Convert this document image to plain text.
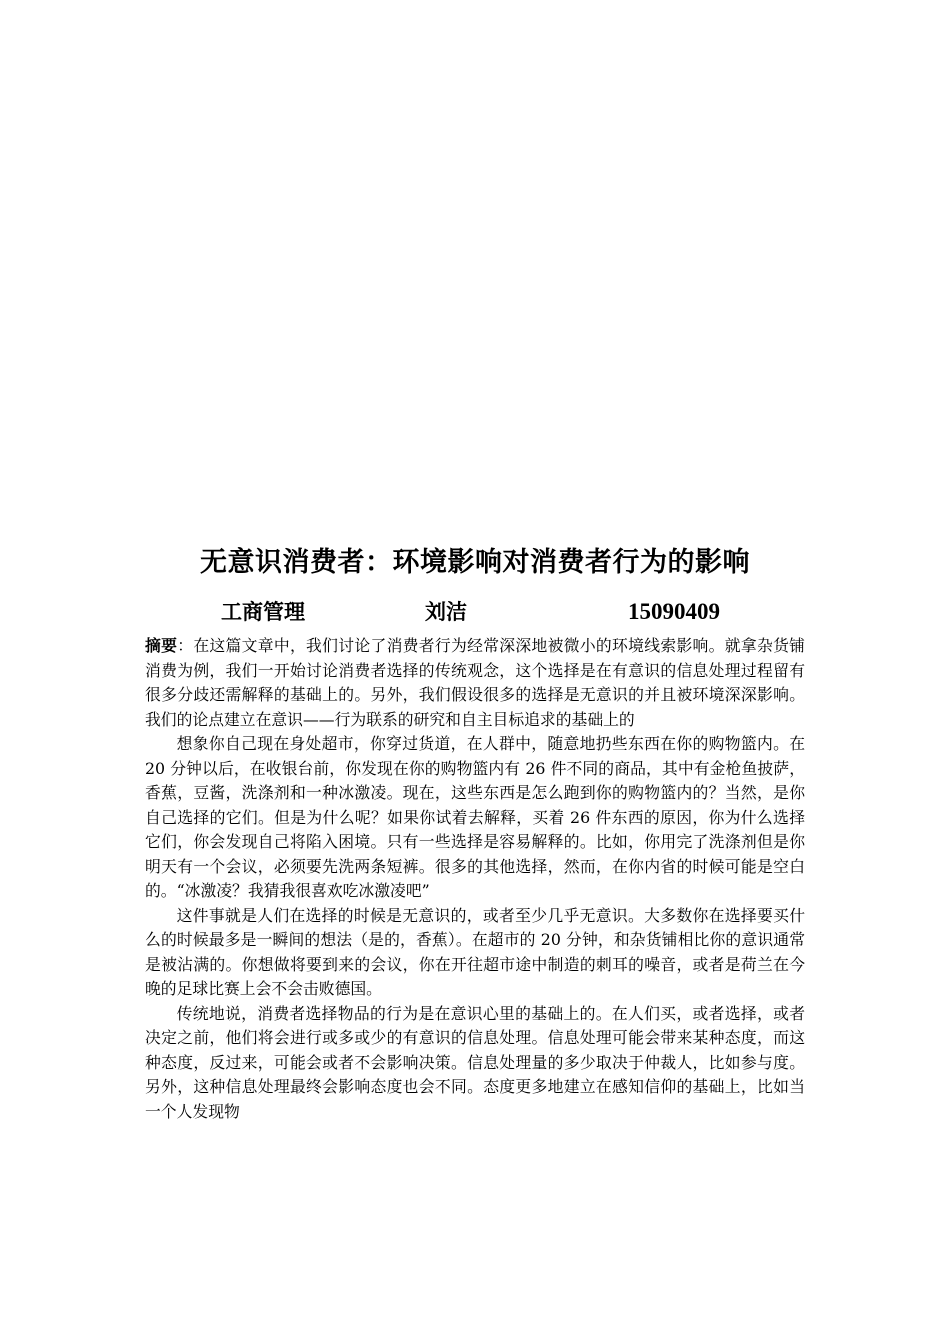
无意识消费者：环境影响对消费者行为的影响
工商管理	刘洁	15090409

摘要：在这篇文章中，我们讨论了消费者行为经常深深地被微小的环境线索影响。就拿杂货铺消费为例，我们一开始讨论消费者选择的传统观念，这个选择是在有意识的信息处理过程留有很多分歧还需解释的基础上的。另外，我们假设很多的选择是无意识的并且被环境深深影响。我们的论点建立在意识——行为联系的研究和自主目标追求的基础上的

想象你自己现在身处超市，你穿过货道，在人群中，随意地扔些东西在你的购物篮内。在 20 分钟以后，在收银台前，你发现在你的购物篮内有 26 件不同的商品，其中有金枪鱼披萨，香蕉，豆酱，洗涤剂和一种冰激凌。现在，这些东西是怎么跑到你的购物篮内的？当然，是你自己选择的它们。但是为什么呢？如果你试着去解释，买着 26 件东西的原因，你为什么选择它们，你会发现自己将陷入困境。只有一些选择是容易解释的。比如，你用完了洗涤剂但是你明天有一个会议，必须要先洗两条短裤。很多的其他选择，然而，在你内省的时候可能是空白的。“冰激凌？我猜我很喜欢吃冰激凌吧”

这件事就是人们在选择的时候是无意识的，或者至少几乎无意识。大多数你在选择要买什么的时候最多是一瞬间的想法（是的，香蕉）。在超市的 20 分钟，和杂货铺相比你的意识通常是被沾满的。你想做将要到来的会议，你在开往超市途中制造的刺耳的噪音，或者是荷兰在今晚的足球比赛上会不会击败德国。

传统地说，消费者选择物品的行为是在意识心里的基础上的。在人们买，或者选择，或者决定之前，他们将会进行或多或少的有意识的信息处理。信息处理可能会带来某种态度，而这种态度，反过来，可能会或者不会影响决策。信息处理量的多少取决于仲裁人，比如参与度。另外，这种信息处理最终会影响态度也会不同。态度更多地建立在感知信仰的基础上，比如当一个人发现物
